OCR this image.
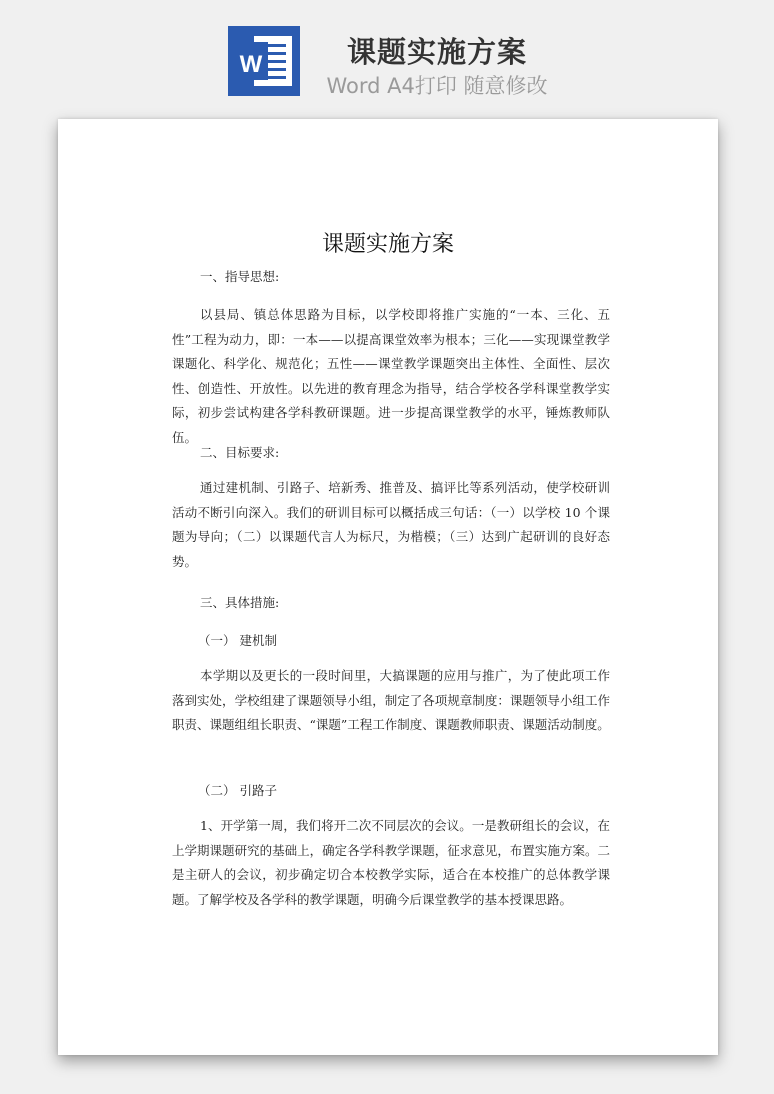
W	课题实施方案
Word A4打印 随意修改
​
课题实施方案
一、指导思想:

以县局、镇总体思路为目标，以学校即将推广实施的“一本、三化、五性”工程为动力，即：一本——以提高课堂效率为根本；三化——实现课堂教学课题化、科学化、规范化；五性——课堂教学课题突出主体性、全面性、层次性、创造性、开放性。以先进的教育理念为指导，结合学校各学科课堂教学实际，初步尝试构建各学科教研课题。进一步提高课堂教学的水平，锤炼教师队伍。

二、目标要求:

通过建机制、引路子、培新秀、推普及、搞评比等系列活动，使学校研训活动不断引向深入。我们的研训目标可以概括成三句话：（一）以学校 10 个课题为导向；（二）以课题代言人为标尺，为楷模；（三）达到广起研训的良好态势。

三、具体措施:
（一） 建机制

本学期以及更长的一段时间里，大搞课题的应用与推广，为了使此项工作落到实处，学校组建了课题领导小组，制定了各项规章制度：课题领导小组工作职责、课题组组长职责、“课题”工程工作制度、课题教师职责、课题活动制度。

（二） 引路子

1、开学第一周，我们将开二次不同层次的会议。一是教研组长的会议，在上学期课题研究的基础上，确定各学科教学课题，征求意见，布置实施方案。二是主研人的会议，初步确定切合本校教学实际，适合在本校推广的总体教学课题。了解学校及各学科的教学课题，明确今后课堂教学的基本授课思路。
